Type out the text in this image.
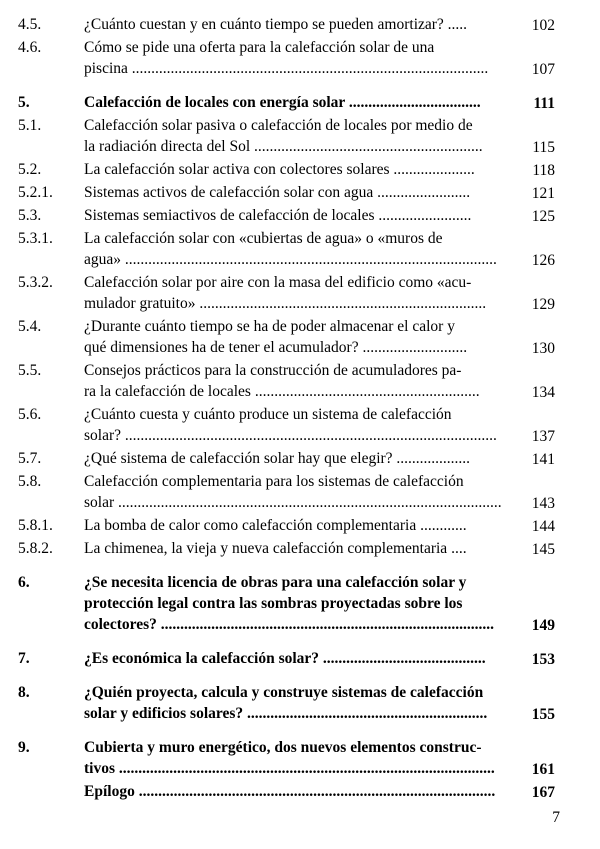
4.5.	¿Cuánto cuestan y en cuánto tiempo se pueden amortizar? .....	102

4.6.	Cómo se pide una oferta para la calefacción solar de una
piscina ............................................................................................	107

5.	Calefacción de locales con energía solar ..................................	111

5.1.	Calefacción solar pasiva o calefacción de locales por medio de
la radiación directa del Sol ...........................................................	115

5.2.	La calefacción solar activa con colectores solares .....................	118

5.2.1.	Sistemas activos de calefacción solar con agua ........................	121

5.3.	Sistemas semiactivos de calefacción de locales ........................	125

5.3.1.	La calefacción solar con «cubiertas de agua» o «muros de
agua» ................................................................................................	126

5.3.2.	Calefacción solar por aire con la masa del edificio como «acu-
mulador gratuito» ..........................................................................	129

5.4.	¿Durante cuánto tiempo se ha de poder almacenar el calor y
qué dimensiones ha de tener el acumulador? ...........................	130

5.5.	Consejos prácticos para la construcción de acumuladores pa-
ra la calefacción de locales ..........................................................	134

5.6.	¿Cuánto cuesta y cuánto produce un sistema de calefacción
solar? ................................................................................................	137

5.7.	¿Qué sistema de calefacción solar hay que elegir? ...................	141

5.8.	Calefacción complementaria para los sistemas de calefacción
solar ...................................................................................................	143

5.8.1.	La bomba de calor como calefacción complementaria ............	144

5.8.2.	La chimenea, la vieja y nueva calefacción complementaria ....	145

6.	¿Se necesita licencia de obras para una calefacción solar y
protección legal contra las sombras proyectadas sobre los
colectores? ......................................................................................	149

7.	¿Es económica la calefacción solar? ..........................................	153

8.	¿Quién proyecta, calcula y construye sistemas de calefacción
solar y edificios solares? ..............................................................	155

9.	Cubierta y muro energético, dos nuevos elementos construc-
tivos .................................................................................................	161

	Epílogo ............................................................................................	167
7
